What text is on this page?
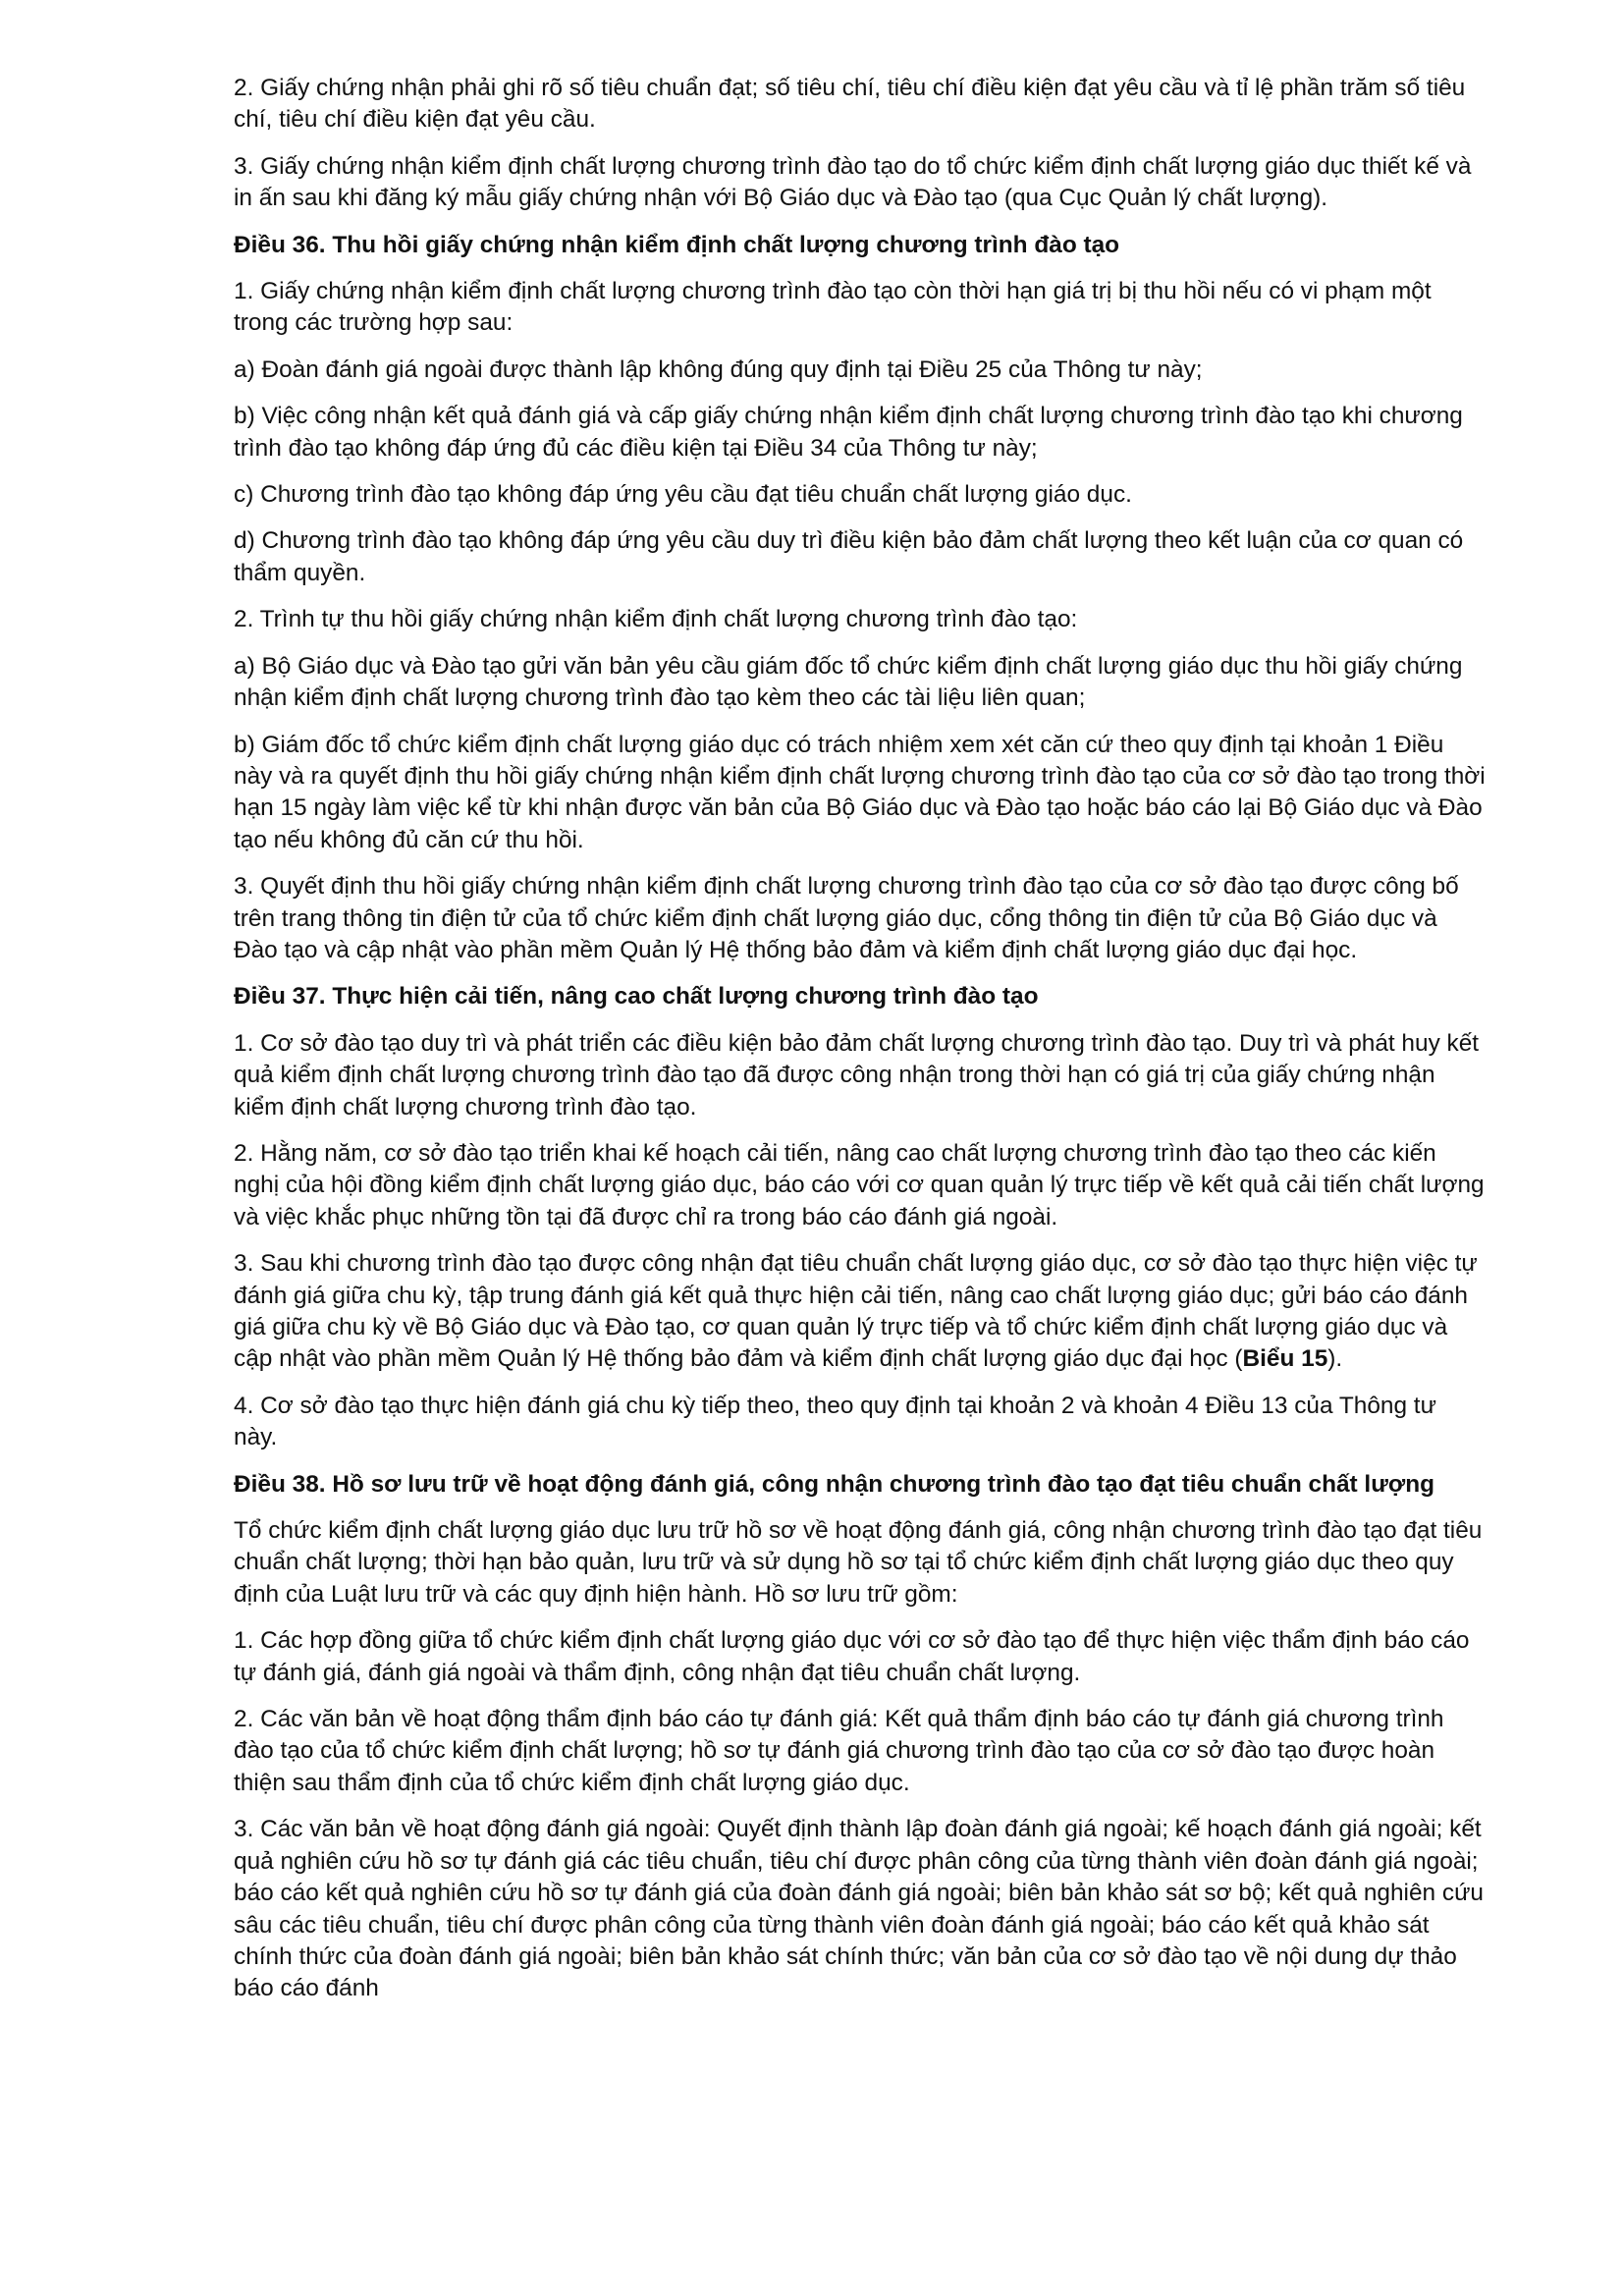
2. Giấy chứng nhận phải ghi rõ số tiêu chuẩn đạt; số tiêu chí, tiêu chí điều kiện đạt yêu cầu và tỉ lệ phần trăm số tiêu chí, tiêu chí điều kiện đạt yêu cầu.

3. Giấy chứng nhận kiểm định chất lượng chương trình đào tạo do tổ chức kiểm định chất lượng giáo dục thiết kế và in ấn sau khi đăng ký mẫu giấy chứng nhận với Bộ Giáo dục và Đào tạo (qua Cục Quản lý chất lượng).

Điều 36. Thu hồi giấy chứng nhận kiểm định chất lượng chương trình đào tạo

1. Giấy chứng nhận kiểm định chất lượng chương trình đào tạo còn thời hạn giá trị bị thu hồi nếu có vi phạm một trong các trường hợp sau:

a) Đoàn đánh giá ngoài được thành lập không đúng quy định tại Điều 25 của Thông tư này;

b) Việc công nhận kết quả đánh giá và cấp giấy chứng nhận kiểm định chất lượng chương trình đào tạo khi chương trình đào tạo không đáp ứng đủ các điều kiện tại Điều 34 của Thông tư này;

c) Chương trình đào tạo không đáp ứng yêu cầu đạt tiêu chuẩn chất lượng giáo dục.

d) Chương trình đào tạo không đáp ứng yêu cầu duy trì điều kiện bảo đảm chất lượng theo kết luận của cơ quan có thẩm quyền.

2. Trình tự thu hồi giấy chứng nhận kiểm định chất lượng chương trình đào tạo:

a) Bộ Giáo dục và Đào tạo gửi văn bản yêu cầu giám đốc tổ chức kiểm định chất lượng giáo dục thu hồi giấy chứng nhận kiểm định chất lượng chương trình đào tạo kèm theo các tài liệu liên quan;

b) Giám đốc tổ chức kiểm định chất lượng giáo dục có trách nhiệm xem xét căn cứ theo quy định tại khoản 1 Điều này và ra quyết định thu hồi giấy chứng nhận kiểm định chất lượng chương trình đào tạo của cơ sở đào tạo trong thời hạn 15 ngày làm việc kể từ khi nhận được văn bản của Bộ Giáo dục và Đào tạo hoặc báo cáo lại Bộ Giáo dục và Đào tạo nếu không đủ căn cứ thu hồi.

3. Quyết định thu hồi giấy chứng nhận kiểm định chất lượng chương trình đào tạo của cơ sở đào tạo được công bố trên trang thông tin điện tử của tổ chức kiểm định chất lượng giáo dục, cổng thông tin điện tử của Bộ Giáo dục và Đào tạo và cập nhật vào phần mềm Quản lý Hệ thống bảo đảm và kiểm định chất lượng giáo dục đại học.

Điều 37. Thực hiện cải tiến, nâng cao chất lượng chương trình đào tạo

1. Cơ sở đào tạo duy trì và phát triển các điều kiện bảo đảm chất lượng chương trình đào tạo. Duy trì và phát huy kết quả kiểm định chất lượng chương trình đào tạo đã được công nhận trong thời hạn có giá trị của giấy chứng nhận kiểm định chất lượng chương trình đào tạo.

2. Hằng năm, cơ sở đào tạo triển khai kế hoạch cải tiến, nâng cao chất lượng chương trình đào tạo theo các kiến nghị của hội đồng kiểm định chất lượng giáo dục, báo cáo với cơ quan quản lý trực tiếp về kết quả cải tiến chất lượng và việc khắc phục những tồn tại đã được chỉ ra trong báo cáo đánh giá ngoài.

3. Sau khi chương trình đào tạo được công nhận đạt tiêu chuẩn chất lượng giáo dục, cơ sở đào tạo thực hiện việc tự đánh giá giữa chu kỳ, tập trung đánh giá kết quả thực hiện cải tiến, nâng cao chất lượng giáo dục; gửi báo cáo đánh giá giữa chu kỳ về Bộ Giáo dục và Đào tạo, cơ quan quản lý trực tiếp và tổ chức kiểm định chất lượng giáo dục và cập nhật vào phần mềm Quản lý Hệ thống bảo đảm và kiểm định chất lượng giáo dục đại học (Biểu 15).

4. Cơ sở đào tạo thực hiện đánh giá chu kỳ tiếp theo, theo quy định tại khoản 2 và khoản 4 Điều 13 của Thông tư này.

Điều 38. Hồ sơ lưu trữ về hoạt động đánh giá, công nhận chương trình đào tạo đạt tiêu chuẩn chất lượng

Tổ chức kiểm định chất lượng giáo dục lưu trữ hồ sơ về hoạt động đánh giá, công nhận chương trình đào tạo đạt tiêu chuẩn chất lượng; thời hạn bảo quản, lưu trữ và sử dụng hồ sơ tại tổ chức kiểm định chất lượng giáo dục theo quy định của Luật lưu trữ và các quy định hiện hành. Hồ sơ lưu trữ gồm:

1. Các hợp đồng giữa tổ chức kiểm định chất lượng giáo dục với cơ sở đào tạo để thực hiện việc thẩm định báo cáo tự đánh giá, đánh giá ngoài và thẩm định, công nhận đạt tiêu chuẩn chất lượng.

2. Các văn bản về hoạt động thẩm định báo cáo tự đánh giá: Kết quả thẩm định báo cáo tự đánh giá chương trình đào tạo của tổ chức kiểm định chất lượng; hồ sơ tự đánh giá chương trình đào tạo của cơ sở đào tạo được hoàn thiện sau thẩm định của tổ chức kiểm định chất lượng giáo dục.

3. Các văn bản về hoạt động đánh giá ngoài: Quyết định thành lập đoàn đánh giá ngoài; kế hoạch đánh giá ngoài; kết quả nghiên cứu hồ sơ tự đánh giá các tiêu chuẩn, tiêu chí được phân công của từng thành viên đoàn đánh giá ngoài; báo cáo kết quả nghiên cứu hồ sơ tự đánh giá của đoàn đánh giá ngoài; biên bản khảo sát sơ bộ; kết quả nghiên cứu sâu các tiêu chuẩn, tiêu chí được phân công của từng thành viên đoàn đánh giá ngoài; báo cáo kết quả khảo sát chính thức của đoàn đánh giá ngoài; biên bản khảo sát chính thức; văn bản của cơ sở đào tạo về nội dung dự thảo báo cáo đánh
